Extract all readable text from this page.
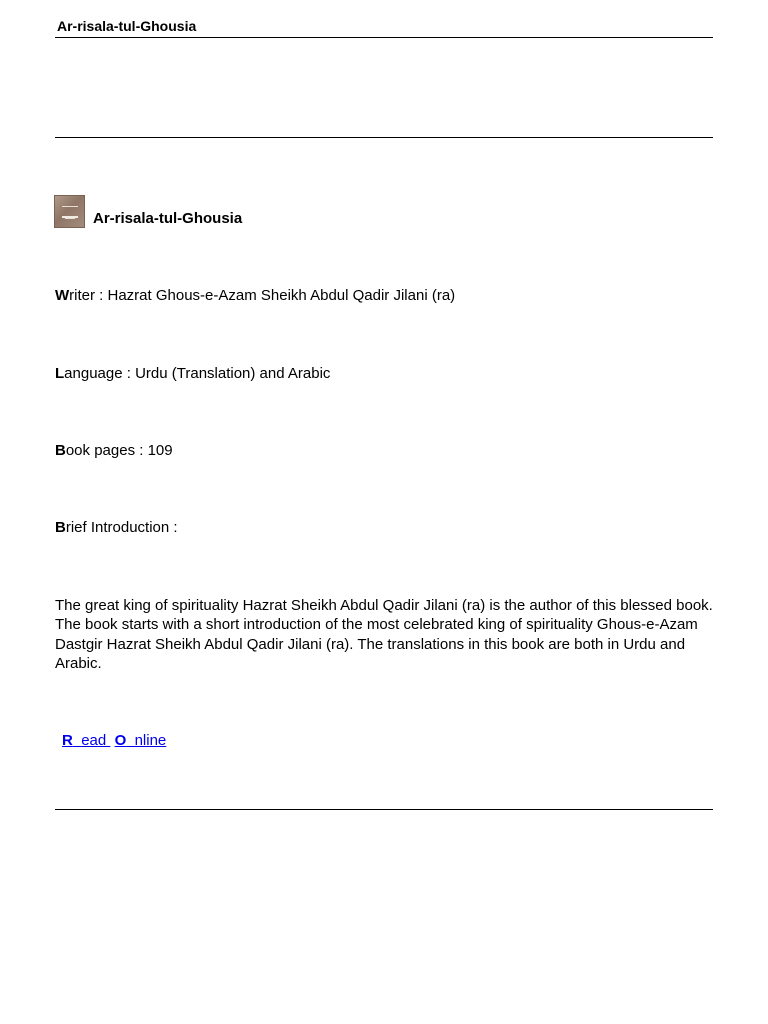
Ar-risala-tul-Ghousia
Ar-risala-tul-Ghousia
Writer : Hazrat Ghous-e-Azam Sheikh Abdul Qadir Jilani (ra)
Language : Urdu (Translation) and Arabic
Book pages : 109
Brief Introduction :
The great king of spirituality Hazrat Sheikh Abdul Qadir Jilani (ra) is the author of this blessed book. The book starts with a short introduction of the most celebrated king of spirituality Ghous-e-Azam Dastgir Hazrat Sheikh Abdul Qadir Jilani (ra). The translations in this book are both in Urdu and Arabic.
R ead  O nline
